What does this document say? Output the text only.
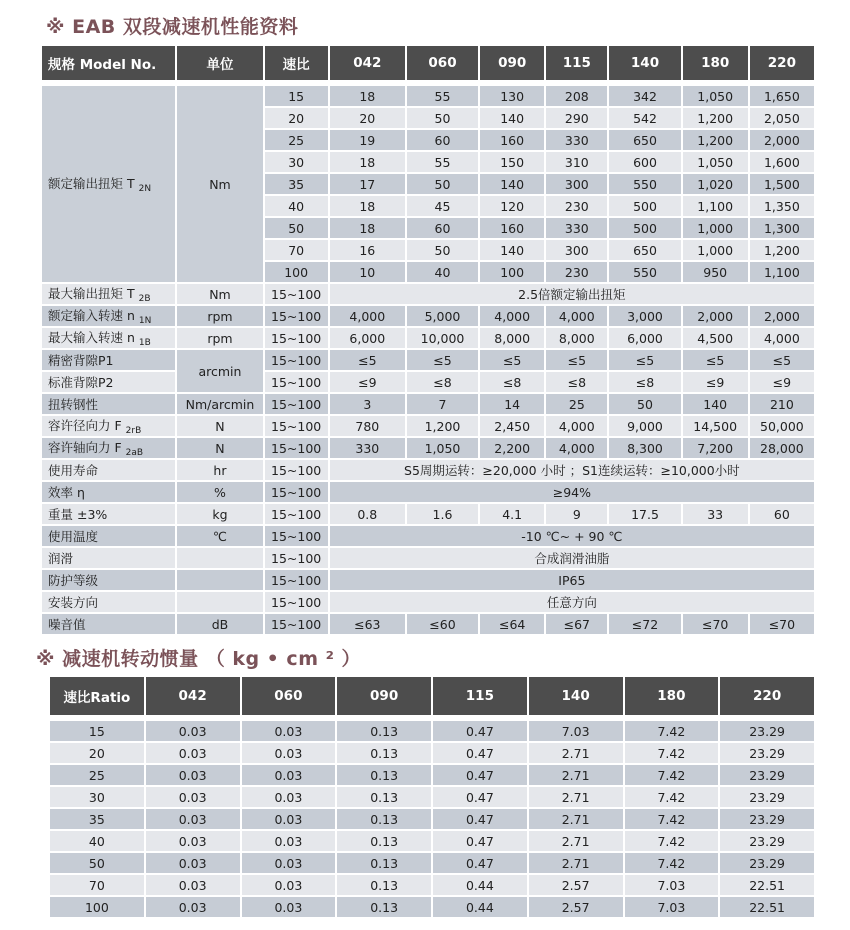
※ EAB 双段减速机性能资料
规格 Model No.	单位	速比	042	060	090	115	140	180	220

额定输出扭矩 T $_{2N}$	Nm	15	18	55	130	208	342	1,050	1,650
		20	20	50	140	290	542	1,200	2,050
		25	19	60	160	330	650	1,200	2,000
		30	18	55	150	310	600	1,050	1,600
		35	17	50	140	300	550	1,020	1,500
		40	18	45	120	230	500	1,100	1,350
		50	18	60	160	330	500	1,000	1,300
		70	16	50	140	300	650	1,000	1,200
		100	10	40	100	230	550	950	1,100
最大输出扭矩 T $_{2B}$	Nm	15~100	2.5倍额定输出扭矩						
额定输入转速 n $_{1N}$	rpm	15~100	4,000	5,000	4,000	4,000	3,000	2,000	2,000
最大输入转速 n $_{1B}$	rpm	15~100	6,000	10,000	8,000	8,000	6,000	4,500	4,000
精密背隙P1	arcmin	15~100	≤5	≤5	≤5	≤5	≤5	≤5	≤5
标准背隙P2		15~100	≤9	≤8	≤8	≤8	≤8	≤9	≤9
扭转钢性	Nm/arcmin	15~100	3	7	14	25	50	140	210
容许径向力 F $_{2rB}$	N	15~100	780	1,200	2,450	4,000	9,000	14,500	50,000
容许轴向力 F $_{2aB}$	N	15~100	330	1,050	2,200	4,000	8,300	7,200	28,000
使用寿命	hr	15~100	S5周期运转：≥20,000 小时 ；S1连续运转：≥10,000小时						
效率 η	%	15~100	≥94%						
重量 ±3%	kg	15~100	0.8	1.6	4.1	9	17.5	33	60
使用温度	℃	15~100	-10 ℃~ + 90 ℃						
润滑		15~100	合成润滑油脂						
防护等级		15~100	IP65						
安装方向		15~100	任意方向						
噪音值	dB	15~100	≤63	≤60	≤64	≤67	≤72	≤70	≤70
※ 减速机转动惯量 （ kg • cm ² ）
速比Ratio	042	060	090	115	140	180	220

15	0.03	0.03	0.13	0.47	7.03	7.42	23.29
20	0.03	0.03	0.13	0.47	2.71	7.42	23.29
25	0.03	0.03	0.13	0.47	2.71	7.42	23.29
30	0.03	0.03	0.13	0.47	2.71	7.42	23.29
35	0.03	0.03	0.13	0.47	2.71	7.42	23.29
40	0.03	0.03	0.13	0.47	2.71	7.42	23.29
50	0.03	0.03	0.13	0.47	2.71	7.42	23.29
70	0.03	0.03	0.13	0.44	2.57	7.03	22.51
100	0.03	0.03	0.13	0.44	2.57	7.03	22.51
